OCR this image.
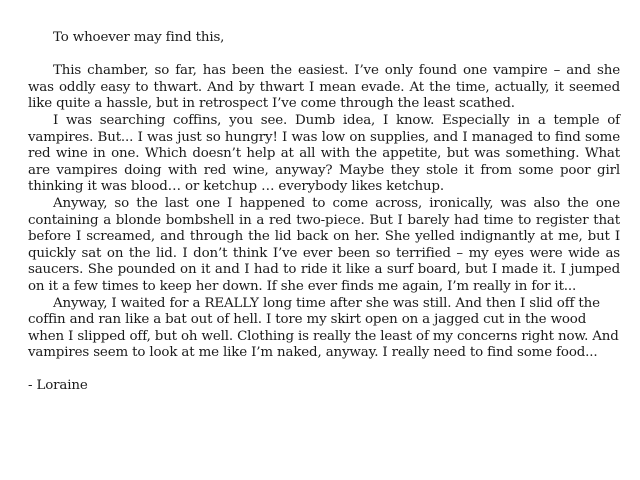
To whoever may find this,

This chamber, so far, has been the easiest. I’ve only found one vampire – and she was oddly easy to thwart. And by thwart I mean evade. At the time, actually, it seemed like quite a hassle, but in retrospect I’ve come through the least scathed.

I was searching coffins, you see. Dumb idea, I know. Especially in a temple of vampires. But... I was just so hungry! I was low on supplies, and I managed to find some red wine in one. Which doesn’t help at all with the appetite, but was something. What are vampires doing with red wine, anyway? Maybe they stole it from some poor girl thinking it was blood… or ketchup … everybody likes ketchup.

Anyway, so the last one I happened to come across, ironically, was also the one containing a blonde bombshell in a red two-piece. But I barely had time to register that before I screamed, and through the lid back on her. She yelled indignantly at me, but I quickly sat on the lid. I don’t think I’ve ever been so terrified – my eyes were wide as saucers. She pounded on it and I had to ride it like a surf board, but I made it. I jumped on it a few times to keep her down. If she ever finds me again, I’m really in for it...

Anyway, I waited for a REALLY long time after she was still. And then I slid off the coffin and ran like a bat out of hell. I tore my skirt open on a jagged cut in the wood when I slipped off, but oh well. Clothing is really the least of my concerns right now. And vampires seem to look at me like I’m naked, anyway. I really need to find some food...

- Loraine
